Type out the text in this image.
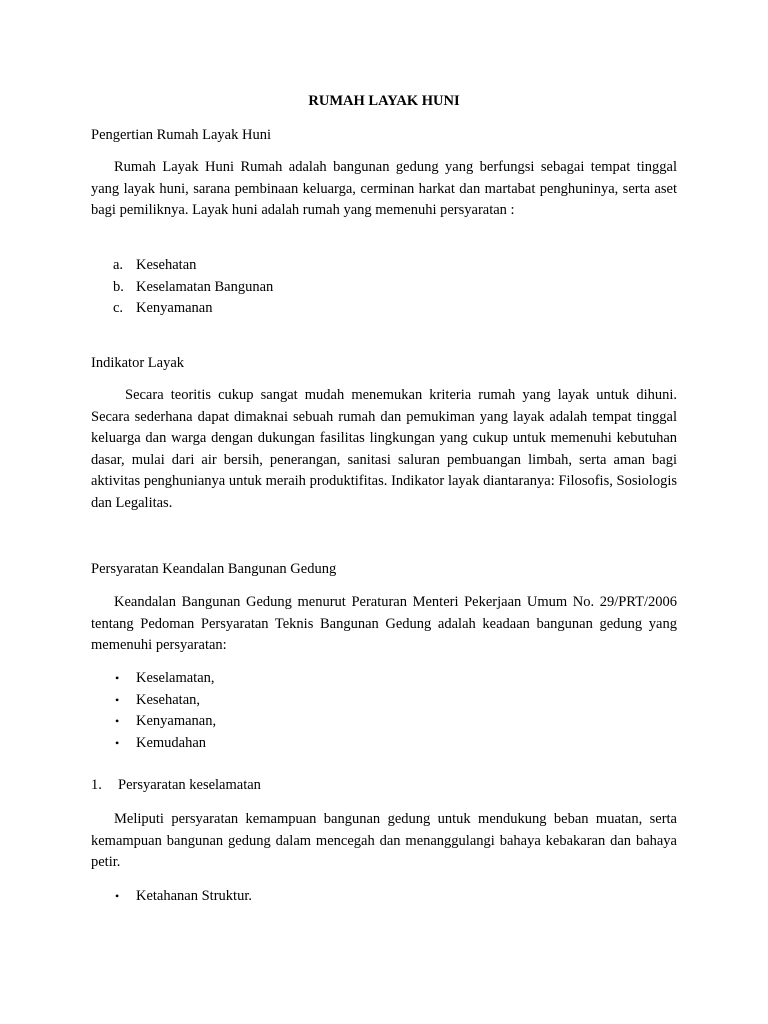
RUMAH LAYAK HUNI

Pengertian Rumah Layak Huni

Rumah Layak Huni Rumah adalah bangunan gedung yang berfungsi sebagai tempat tinggal yang layak huni, sarana pembinaan keluarga, cerminan harkat dan martabat penghuninya, serta aset bagi pemiliknya. Layak huni adalah rumah yang memenuhi persyaratan :

a. Kesehatan
b. Keselamatan Bangunan
c. Kenyamanan

Indikator Layak

Secara teoritis cukup sangat mudah menemukan kriteria rumah yang layak untuk dihuni. Secara sederhana dapat dimaknai sebuah rumah dan pemukiman yang layak adalah tempat tinggal keluarga dan warga dengan dukungan fasilitas lingkungan yang cukup untuk memenuhi kebutuhan dasar, mulai dari air bersih, penerangan, sanitasi saluran pembuangan limbah, serta aman bagi aktivitas penghunianya untuk meraih produktifitas. Indikator layak diantaranya: Filosofis, Sosiologis dan Legalitas.

Persyaratan Keandalan Bangunan Gedung

Keandalan Bangunan Gedung menurut Peraturan Menteri Pekerjaan Umum No. 29/PRT/2006 tentang Pedoman Persyaratan Teknis Bangunan Gedung adalah keadaan bangunan gedung yang memenuhi persyaratan:

• Keselamatan,
• Kesehatan,
• Kenyamanan,
• Kemudahan
1. Persyaratan keselamatan

Meliputi persyaratan kemampuan bangunan gedung untuk mendukung beban muatan, serta kemampuan bangunan gedung dalam mencegah dan menanggulangi bahaya kebakaran dan bahaya petir.

• Ketahanan Struktur.
